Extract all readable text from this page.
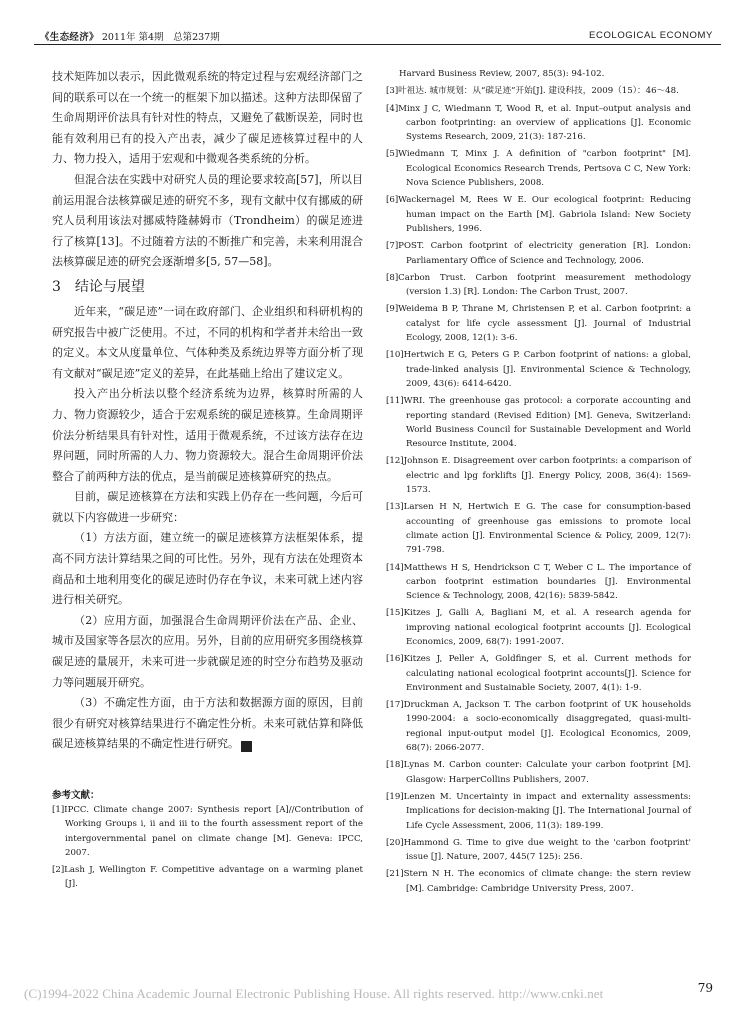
《生态经济》 2011年 第4期　总第237期	ECOLOGICAL ECONOMY

技术矩阵加以表示，因此微观系统的特定过程与宏观经济部门之间的联系可以在一个统一的框架下加以描述。这种方法即保留了生命周期评价法具有针对性的特点，又避免了截断误差，同时也能有效利用已有的投入产出表，减少了碳足迹核算过程中的人力、物力投入，适用于宏观和中微观各类系统的分析。

但混合法在实践中对研究人员的理论要求较高[57]，所以目前运用混合法核算碳足迹的研究不多，现有文献中仅有挪威的研究人员利用该法对挪威特隆赫姆市（Trondheim）的碳足迹进行了核算[13]。不过随着方法的不断推广和完善，未来利用混合法核算碳足迹的研究会逐渐增多[5, 57—58]。

3 结论与展望

近年来，“碳足迹”一词在政府部门、企业组织和科研机构的研究报告中被广泛使用。不过，不同的机构和学者并未给出一致的定义。本文从度量单位、气体种类及系统边界等方面分析了现有文献对“碳足迹”定义的差异，在此基础上给出了建议定义。

投入产出分析法以整个经济系统为边界，核算时所需的人力、物力资源较少，适合于宏观系统的碳足迹核算。生命周期评价法分析结果具有针对性，适用于微观系统，不过该方法存在边界问题，同时所需的人力、物力资源较大。混合生命周期评价法整合了前两种方法的优点，是当前碳足迹核算研究的热点。

目前，碳足迹核算在方法和实践上仍存在一些问题，今后可就以下内容做进一步研究：

（1）方法方面，建立统一的碳足迹核算方法框架体系，提高不同方法计算结果之间的可比性。另外，现有方法在处理资本商品和土地利用变化的碳足迹时仍存在争议，未来可就上述内容进行相关研究。

（2）应用方面，加强混合生命周期评价法在产品、企业、城市及国家等各层次的应用。另外，目前的应用研究多围绕核算碳足迹的量展开，未来可进一步就碳足迹的时空分布趋势及驱动力等问题展开研究。

（3）不确定性方面，由于方法和数据源方面的原因，目前很少有研究对核算结果进行不确定性分析。未来可就估算和降低碳足迹核算结果的不确定性进行研究。	Z

参考文献：

[1]IPCC. Climate change 2007: Synthesis report [A]//Contribution of Working Groups i, ii and iii to the fourth assessment report of the intergovernmental panel on climate change [M]. Geneva: IPCC, 2007.

[2]Lash J, Wellington F. Competitive advantage on a warming planet [J].

Harvard Business Review, 2007, 85(3): 94-102.

[3]叶祖达. 城市规划：从“碳足迹”开始[J]. 建设科技，2009（15）：46～48.

[4]Minx J C, Wiedmann T, Wood R, et al. Input–output analysis and carbon footprinting: an overview of applications [J]. Economic Systems Research, 2009, 21(3): 187-216.

[5]Wiedmann T, Minx J. A definition of "carbon footprint" [M]. Ecological Economics Research Trends, Pertsova C C, New York: Nova Science Publishers, 2008.

[6]Wackernagel M, Rees W E. Our ecological footprint: Reducing human impact on the Earth [M]. Gabriola Island: New Society Publishers, 1996.

[7]POST. Carbon footprint of electricity generation [R]. London: Parliamentary Office of Science and Technology, 2006.

[8]Carbon Trust. Carbon footprint measurement methodology (version 1.3) [R]. London: The Carbon Trust, 2007.

[9]Weidema B P, Thrane M, Christensen P, et al. Carbon footprint: a catalyst for life cycle assessment [J]. Journal of Industrial Ecology, 2008, 12(1): 3-6.

[10]Hertwich E G, Peters G P. Carbon footprint of nations: a global, trade-linked analysis [J]. Environmental Science & Technology, 2009, 43(6): 6414-6420.

[11]WRI. The greenhouse gas protocol: a corporate accounting and reporting standard (Revised Edition) [M]. Geneva, Switzerland: World Business Council for Sustainable Development and World Resource Institute, 2004.

[12]Johnson E. Disagreement over carbon footprints: a comparison of electric and lpg forklifts [J]. Energy Policy, 2008, 36(4): 1569-1573.

[13]Larsen H N, Hertwich E G. The case for consumption-based accounting of greenhouse gas emissions to promote local climate action [J]. Environmental Science & Policy, 2009, 12(7): 791-798.

[14]Matthews H S, Hendrickson C T, Weber C L. The importance of carbon footprint estimation boundaries [J]. Environmental Science & Technology, 2008, 42(16): 5839-5842.

[15]Kitzes J, Galli A, Bagliani M, et al. A research agenda for improving national ecological footprint accounts [J]. Ecological Economics, 2009, 68(7): 1991-2007.

[16]Kitzes J, Peller A, Goldfinger S, et al. Current methods for calculating national ecological footprint accounts[J]. Science for Environment and Sustainable Society, 2007, 4(1): 1-9.

[17]Druckman A, Jackson T. The carbon footprint of UK households 1990-2004: a socio-economically disaggregated, quasi-multi-regional input-output model [J]. Ecological Economics, 2009, 68(7): 2066-2077.

[18]Lynas M. Carbon counter: Calculate your carbon footprint [M]. Glasgow: HarperCollins Publishers, 2007.

[19]Lenzen M. Uncertainty in impact and externality assessments: Implications for decision-making [J]. The International Journal of Life Cycle Assessment, 2006, 11(3): 189-199.

[20]Hammond G. Time to give due weight to the 'carbon footprint' issue [J]. Nature, 2007, 445(7 125): 256.

[21]Stern N H. The economics of climate change: the stern review [M]. Cambridge: Cambridge University Press, 2007.

79
(C)1994-2022 China Academic Journal Electronic Publishing House. All rights reserved. http://www.cnki.net
